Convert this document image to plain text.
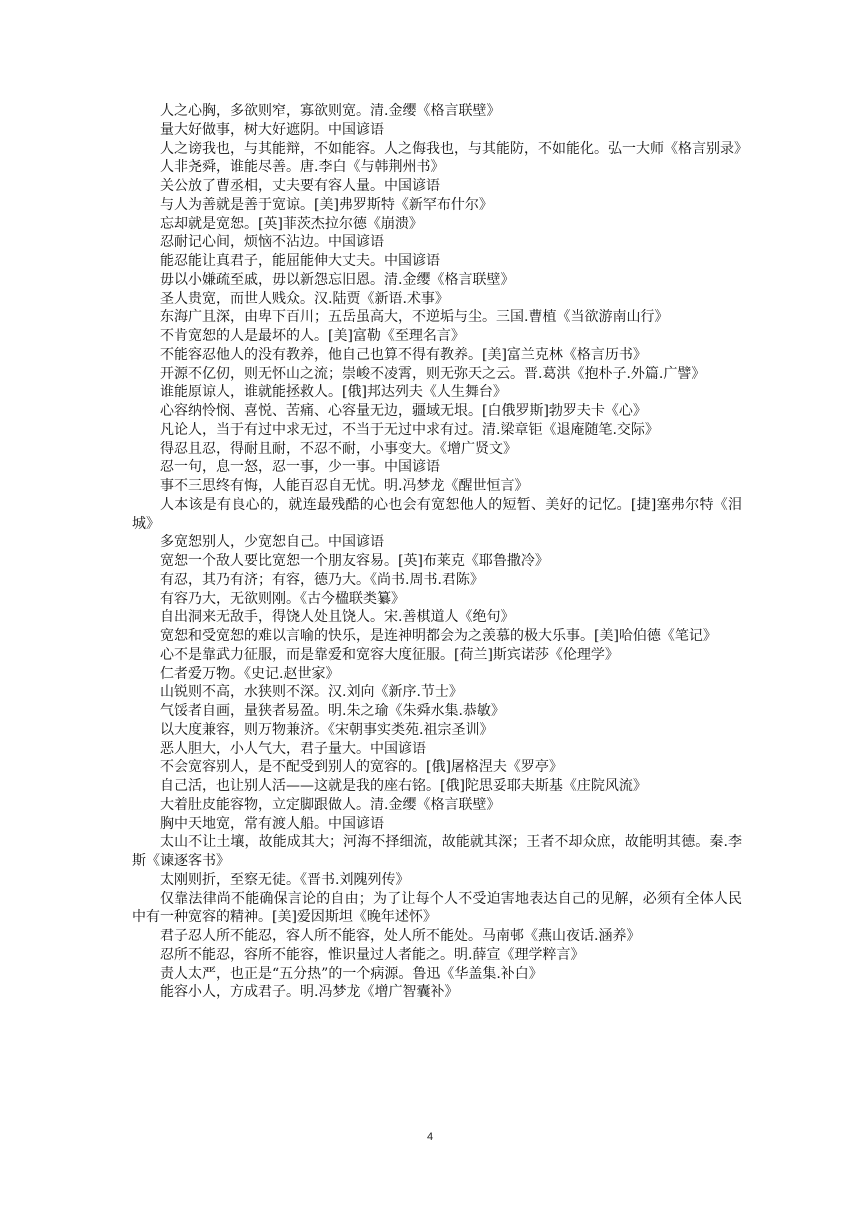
人之心胸，多欲则窄，寡欲则宽。清.金缨《格言联壁》

量大好做事，树大好遮阴。中国谚语

人之谤我也，与其能辩，不如能容。人之侮我也，与其能防，不如能化。弘一大师《格言别录》

人非尧舜，谁能尽善。唐.李白《与韩荆州书》

关公放了曹丞相，丈夫要有容人量。中国谚语

与人为善就是善于宽谅。[美]弗罗斯特《新罕布什尔》

忘却就是宽恕。[英]菲茨杰拉尔德《崩溃》

忍耐记心间，烦恼不沾边。中国谚语

能忍能让真君子，能屈能伸大丈夫。中国谚语

毋以小嫌疏至戚，毋以新怨忘旧恩。清.金缨《格言联壁》

圣人贵宽，而世人贱众。汉.陆贾《新语.术事》

东海广且深，由卑下百川；五岳虽高大，不逆垢与尘。三国.曹植《当欲游南山行》

不肯宽恕的人是最坏的人。[美]富勒《至理名言》

不能容忍他人的没有教养，他自己也算不得有教养。[美]富兰克林《格言历书》

开源不亿仞，则无怀山之流；崇峻不凌霄，则无弥天之云。晋.葛洪《抱朴子.外篇.广譬》

谁能原谅人，谁就能拯救人。[俄]邦达列夫《人生舞台》

心容纳怜悯、喜悦、苦痛、心容量无边，疆域无垠。[白俄罗斯]勃罗夫卡《心》

凡论人，当于有过中求无过，不当于无过中求有过。清.梁章钜《退庵随笔.交际》

得忍且忍，得耐且耐，不忍不耐，小事变大。《增广贤文》

忍一句，息一怒，忍一事，少一事。中国谚语

事不三思终有悔，人能百忍自无忧。明.冯梦龙《醒世恒言》

人本该是有良心的，就连最残酷的心也会有宽恕他人的短暂、美好的记忆。[捷]塞弗尔特《泪城》

多宽恕别人，少宽恕自己。中国谚语

宽恕一个敌人要比宽恕一个朋友容易。[英]布莱克《耶鲁撒冷》

有忍，其乃有济；有容，德乃大。《尚书.周书.君陈》

有容乃大，无欲则刚。《古今楹联类纂》

自出洞来无敌手，得饶人处且饶人。宋.善棋道人《绝句》

宽恕和受宽恕的难以言喻的快乐，是连神明都会为之羡慕的极大乐事。[美]哈伯德《笔记》

心不是靠武力征服，而是靠爱和宽容大度征服。[荷兰]斯宾诺莎《伦理学》

仁者爱万物。《史记.赵世家》

山锐则不高，水狭则不深。汉.刘向《新序.节士》

气馁者自画，量狭者易盈。明.朱之瑜《朱舜水集.恭敏》

以大度兼容，则万物兼济。《宋朝事实类苑.祖宗圣训》

恶人胆大，小人气大，君子量大。中国谚语

不会宽容别人，是不配受到别人的宽容的。[俄]屠格涅夫《罗亭》

自己活，也让别人活——这就是我的座右铭。[俄]陀思妥耶夫斯基《庄院风流》

大着肚皮能容物，立定脚跟做人。清.金缨《格言联壁》

胸中天地宽，常有渡人船。中国谚语

太山不让土壤，故能成其大；河海不择细流，故能就其深；王者不却众庶，故能明其德。秦.李斯《谏逐客书》

太刚则折，至察无徒。《晋书.刘隗列传》

仅靠法律尚不能确保言论的自由；为了让每个人不受迫害地表达自己的见解，必须有全体人民中有一种宽容的精神。[美]爱因斯坦《晚年述怀》

君子忍人所不能忍，容人所不能容，处人所不能处。马南邨《燕山夜话.涵养》

忍所不能忍，容所不能容，惟识量过人者能之。明.薛宣《理学粹言》

责人太严，也正是“五分热”的一个病源。鲁迅《华盖集.补白》

能容小人，方成君子。明.冯梦龙《增广智囊补》

4
